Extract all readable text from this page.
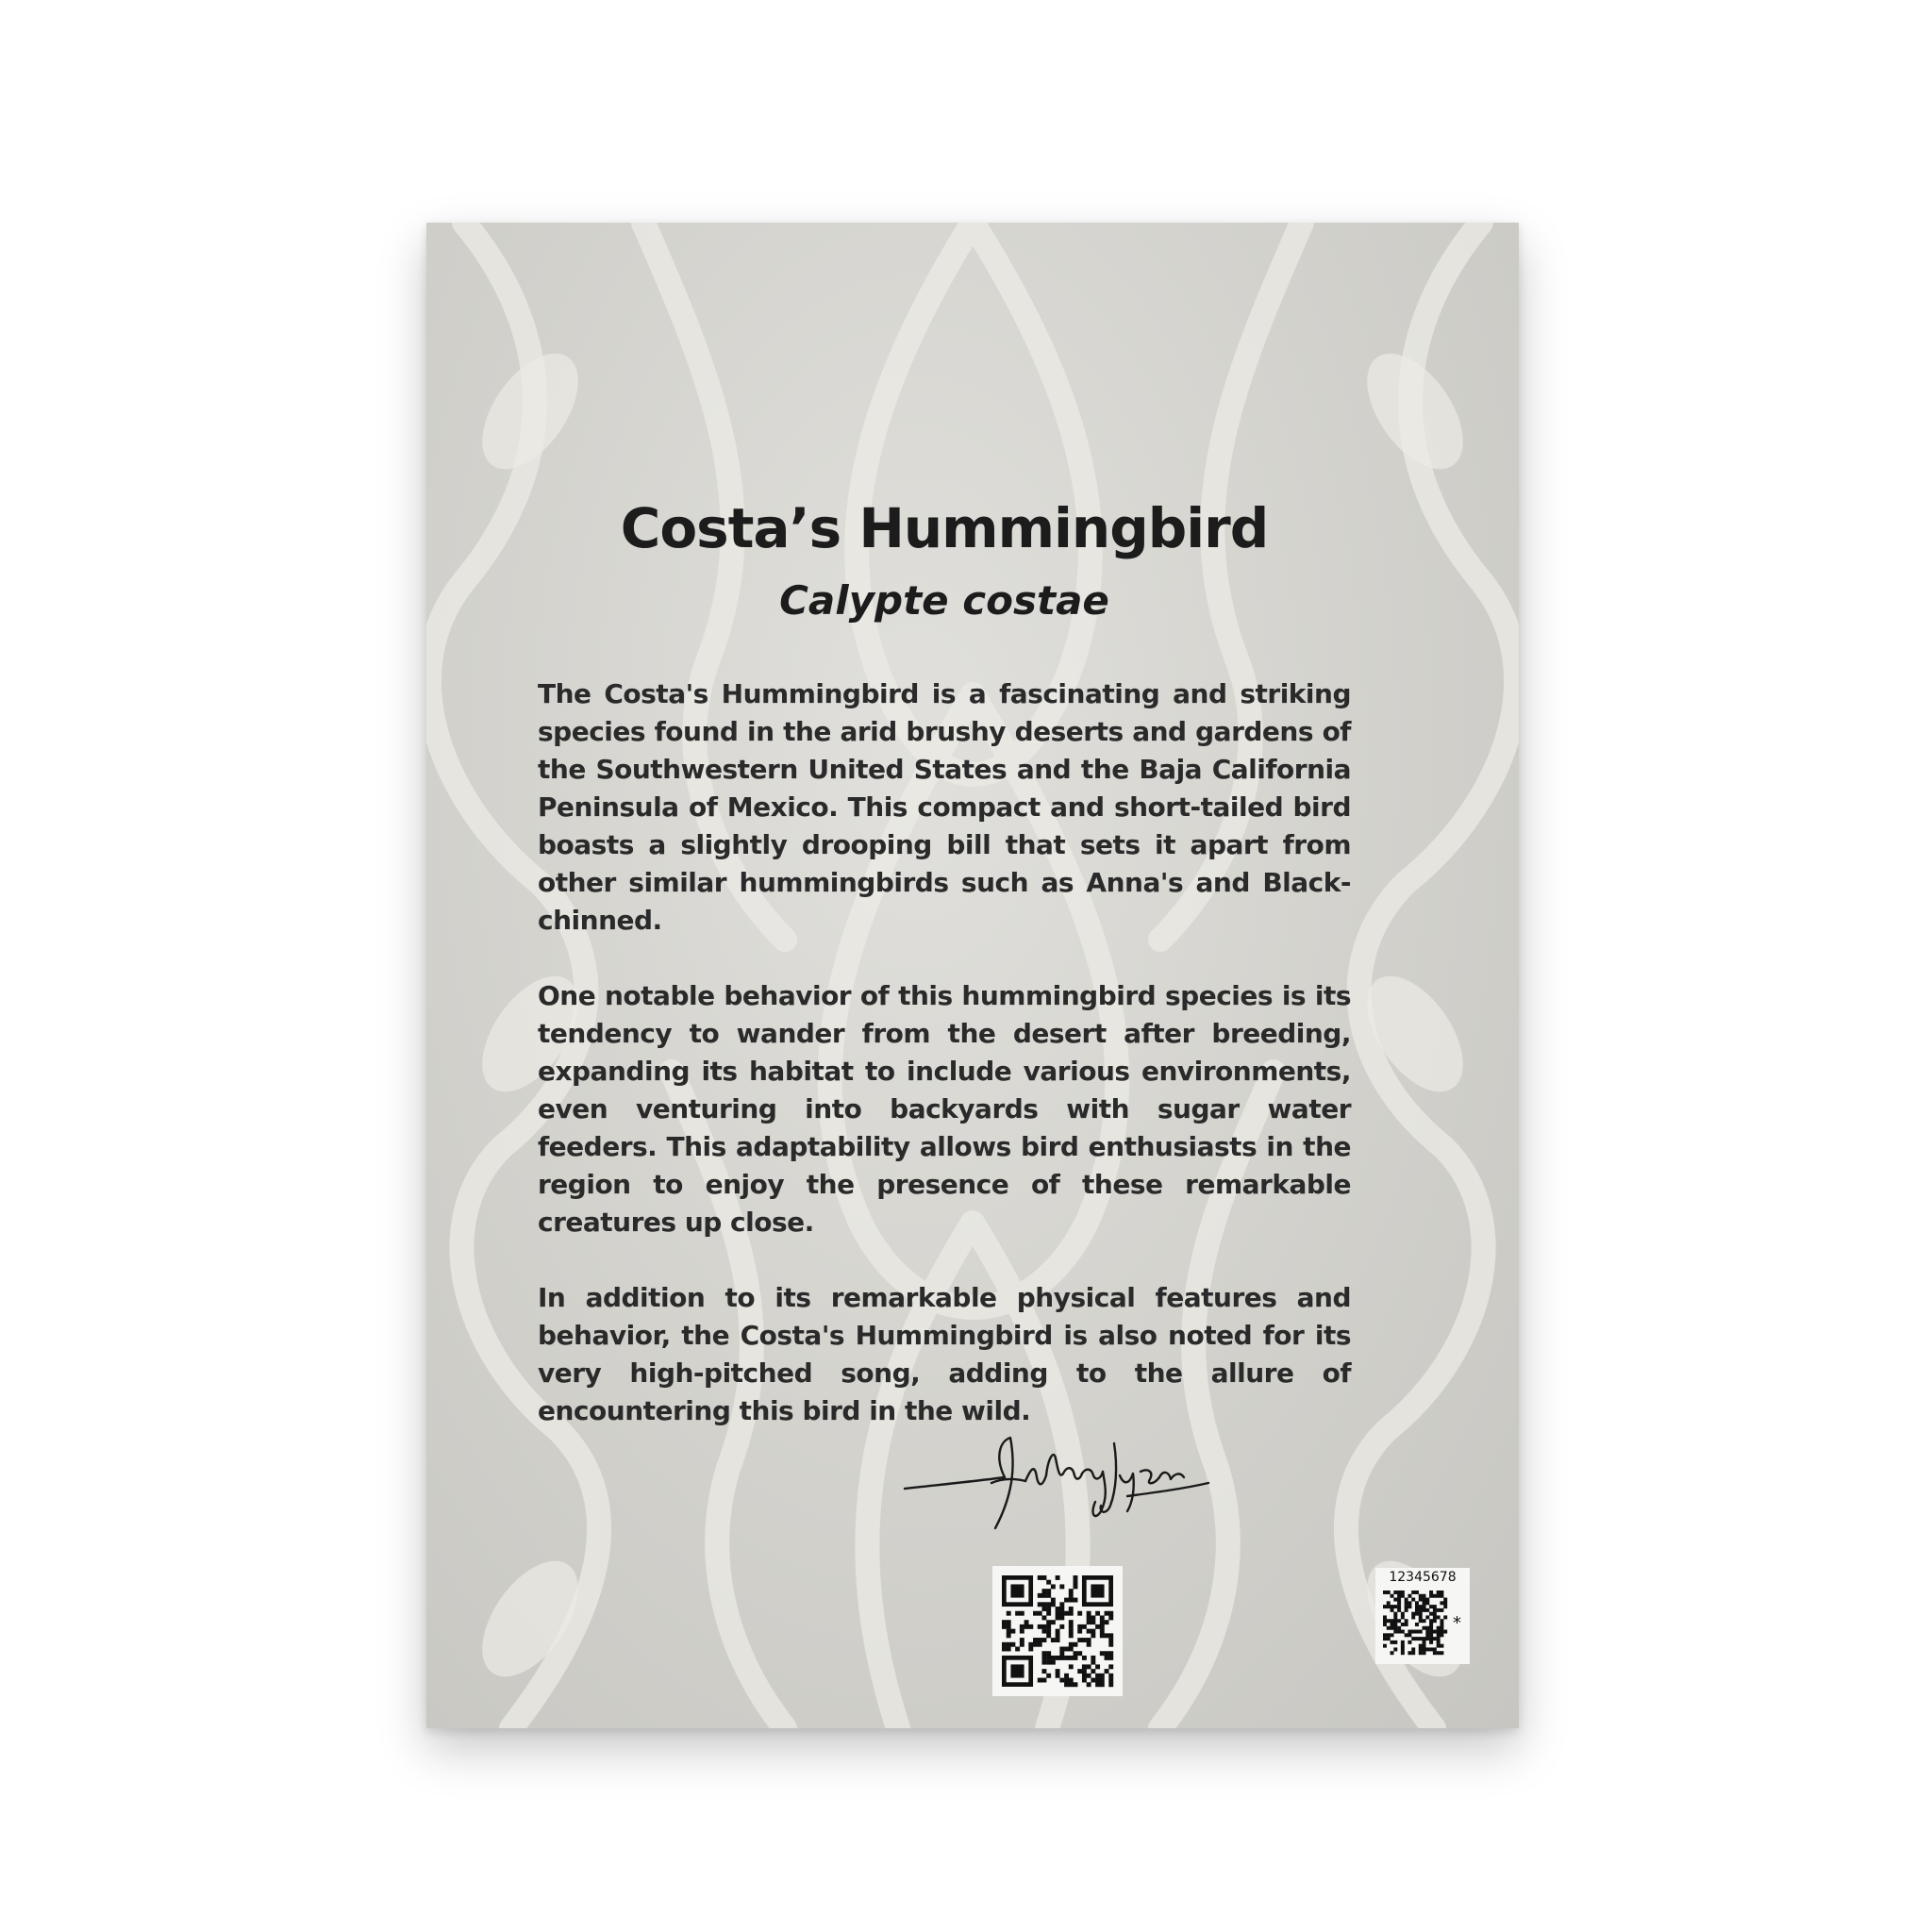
Costa’s Hummingbird
Calypte costae

The Costa's Hummingbird is a fascinating and striking species found in the arid brushy deserts and gardens of the Southwestern United States and the Baja California Peninsula of Mexico. This compact and short-tailed bird boasts a slightly drooping bill that sets it apart from other similar hummingbirds such as Anna's and Black-chinned.

One notable behavior of this hummingbird species is its tendency to wander from the desert after breeding, expanding its habitat to include various environments, even venturing into backyards with sugar water feeders. This adaptability allows bird enthusiasts in the region to enjoy the presence of these remarkable creatures up close.

In addition to its remarkable physical features and behavior, the Costa's Hummingbird is also noted for its very high-pitched song, adding to the allure of encountering this bird in the wild.

12345678
*
